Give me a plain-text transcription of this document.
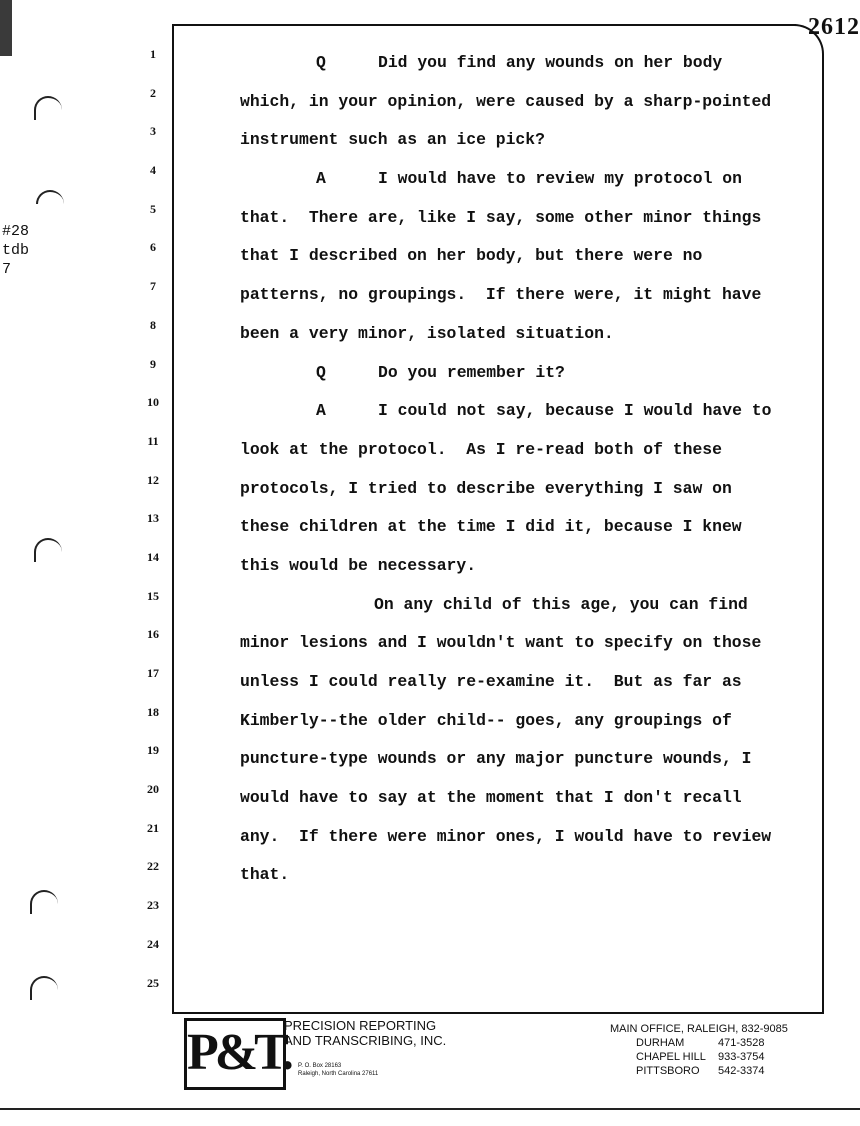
2612
#28
tdb
7
1
2
3
4
5
6
7
8
9
10
11
12
13
14
15
16
17
18
19
20
21
22
23
24
25
Q	Did you find any wounds on her body
which, in your opinion, were caused by a sharp-pointed
instrument such as an ice pick?
A	I would have to review my protocol on
that.  There are, like I say, some other minor things
that I described on her body, but there were no
patterns, no groupings.  If there were, it might have
been a very minor, isolated situation.
Q	Do you remember it?
A	I could not say, because I would have to
look at the protocol.  As I re-read both of these
protocols, I tried to describe everything I saw on
these children at the time I did it, because I knew
this would be necessary.
On any child of this age, you can find
minor lesions and I wouldn't want to specify on those
unless I could really re-examine it.  But as far as
Kimberly--the older child-- goes, any groupings of
puncture-type wounds or any major puncture wounds, I
would have to say at the moment that I don't recall
any.  If there were minor ones, I would have to review
that.
P&T.
PRECISION REPORTING
AND TRANSCRIBING, INC.
P. O. Box 28163
Raleigh, North Carolina 27611
MAIN OFFICE, RALEIGH, 832-9085
DURHAM	471-3528
CHAPEL HILL 933-3754
PITTSBORO 542-3374
